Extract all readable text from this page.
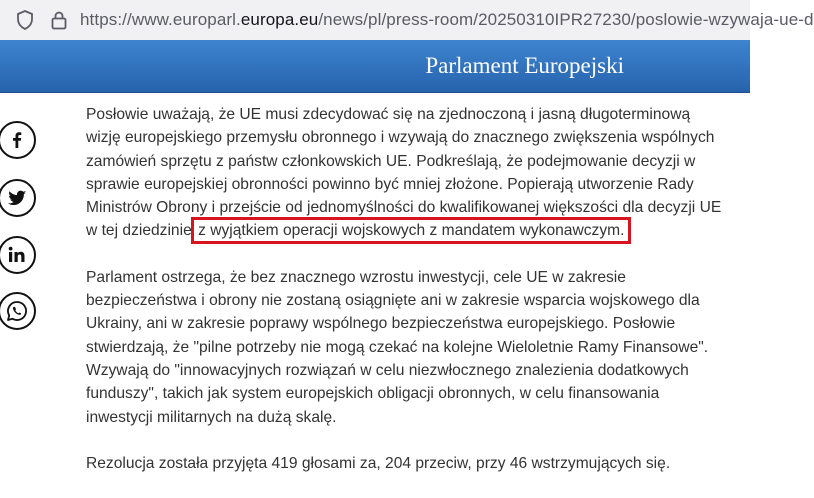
https://www.europarl.europa.eu/news/pl/press-room/20250310IPR27230/poslowie-wzywaja-ue-d
Parlament Europejski

Posłowie uważają, że UE musi zdecydować się na zjednoczoną i jasną długoterminową wizję europejskiego przemysłu obronnego i wzywają do znacznego zwiększenia wspólnych zamówień sprzętu z państw członkowskich UE. Podkreślają, że podejmowanie decyzji w sprawie europejskiej obronności powinno być mniej złożone. Popierają utworzenie Rady Ministrów Obrony i przejście od jednomyślności do kwalifikowanej większości dla decyzji UE w tej dziedzinie z wyjątkiem operacji wojskowych z mandatem wykonawczym.

Parlament ostrzega, że bez znacznego wzrostu inwestycji, cele UE w zakresie bezpieczeństwa i obrony nie zostaną osiągnięte ani w zakresie wsparcia wojskowego dla Ukrainy, ani w zakresie poprawy wspólnego bezpieczeństwa europejskiego. Posłowie stwierdzają, że "pilne potrzeby nie mogą czekać na kolejne Wieloletnie Ramy Finansowe". Wzywają do "innowacyjnych rozwiązań w celu niezwłocznego znalezienia dodatkowych funduszy", takich jak system europejskich obligacji obronnych, w celu finansowania inwestycji militarnych na dużą skalę.

Rezolucja została przyjęta 419 głosami za, 204 przeciw, przy 46 wstrzymujących się.
